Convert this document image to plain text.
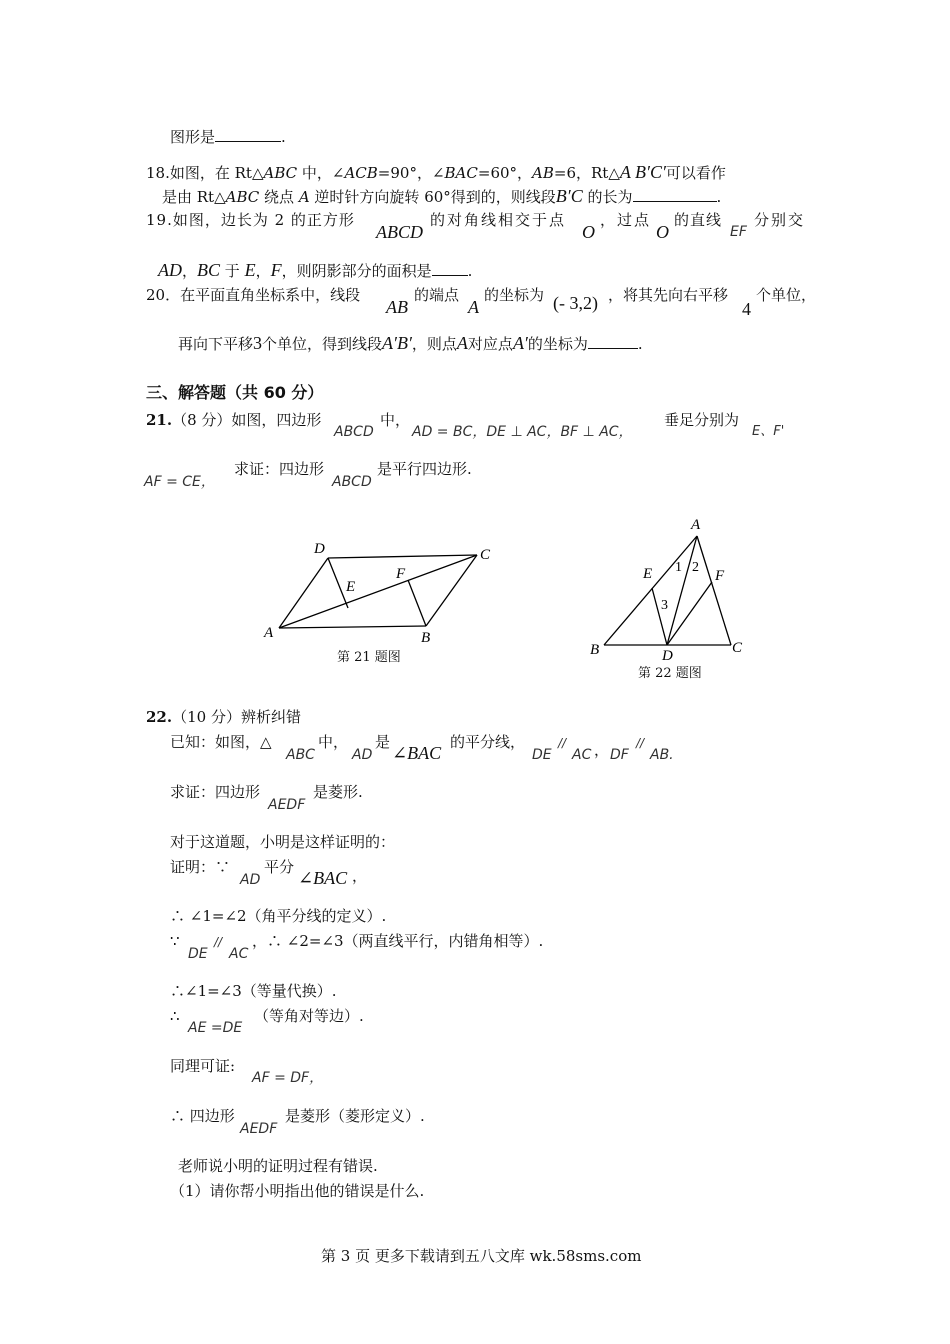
图形是	.
18.如图，在 Rt△ABC 中，∠ACB=90°，∠BAC=60°，AB=6，Rt△A B′C′可以看作
是由 Rt△ABC 绕点 A 逆时针方向旋转 60°得到的，则线段B′C 的长为	.
19.如图，边长为 2 的正方形
ABCD
的对角线相交于点
O
，过点
O
的直线
EF
分别交
AD，BC 于 E，F，则阴影部分的面积是 .
20．在平面直角坐标系中，线段
AB
的端点
A
的坐标为 (- 3,2) ，将其先向右平移
4
个单位，
再向下平移3个单位，得到线段A′B′，则点A对应点A′的坐标为	.
三、解答题（共 60 分）
21.（8 分）如图，四边形
ABCD
中，
AD = BC，DE ⊥ AC，BF ⊥ AC，
垂足分别为
E、F'
AF = CE，
求证：四边形
ABCD
是平行四边形.
A	B
C
D
E
F
第 21 题图
A
B	C
D
E	F
1 2
3
第 22 题图
22.（10 分）辨析纠错
已知：如图，△
ABC
中，
AD
是
∠BAC
的平分线，
DE
//
AC ， DF
//
AB.
求证：四边形
AEDF
是菱形.
对于这道题，小明是这样证明的：
证明：∵
AD
平分
∠BAC ，
∴ ∠1=∠2（角平分线的定义）.
∵
DE
//
AC
，∴ ∠2=∠3（两直线平行，内错角相等）.
∴∠1=∠3（等量代换）.
∴
AE =DE
（等角对等边）.
同理可证:
AF = DF，
∴ 四边形
AEDF
是菱形（菱形定义）.
老师说小明的证明过程有错误.
（1）请你帮小明指出他的错误是什么.
第 3 页 更多下载请到五八文库 wk.58sms.com
